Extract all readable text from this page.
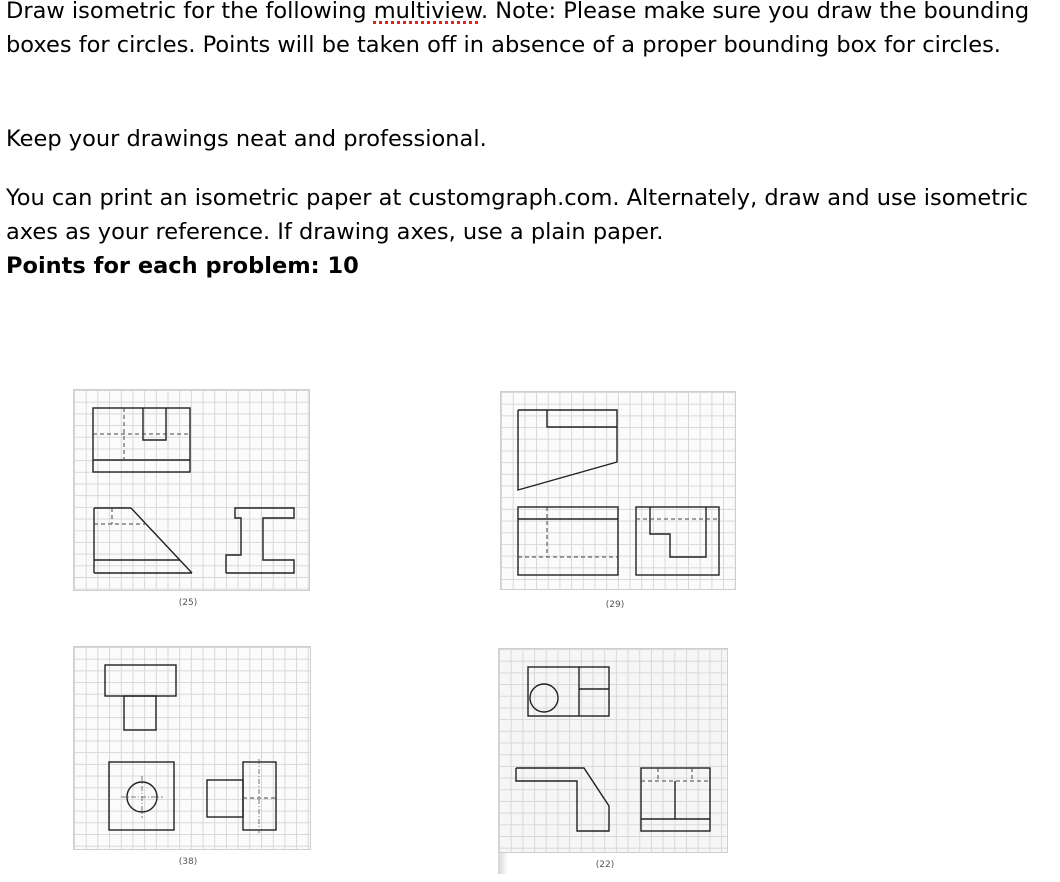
Draw isometric for the following multiview. Note: Please make sure you draw the bounding boxes for circles. Points will be taken off in absence of a proper bounding box for circles.

Keep your drawings neat and professional.

You can print an isometric paper at customgraph.com. Alternately, draw and use isometric axes as your reference. If drawing axes, use a plain paper.
Points for each problem: 10

(25)	(29)
(38)	(22)
